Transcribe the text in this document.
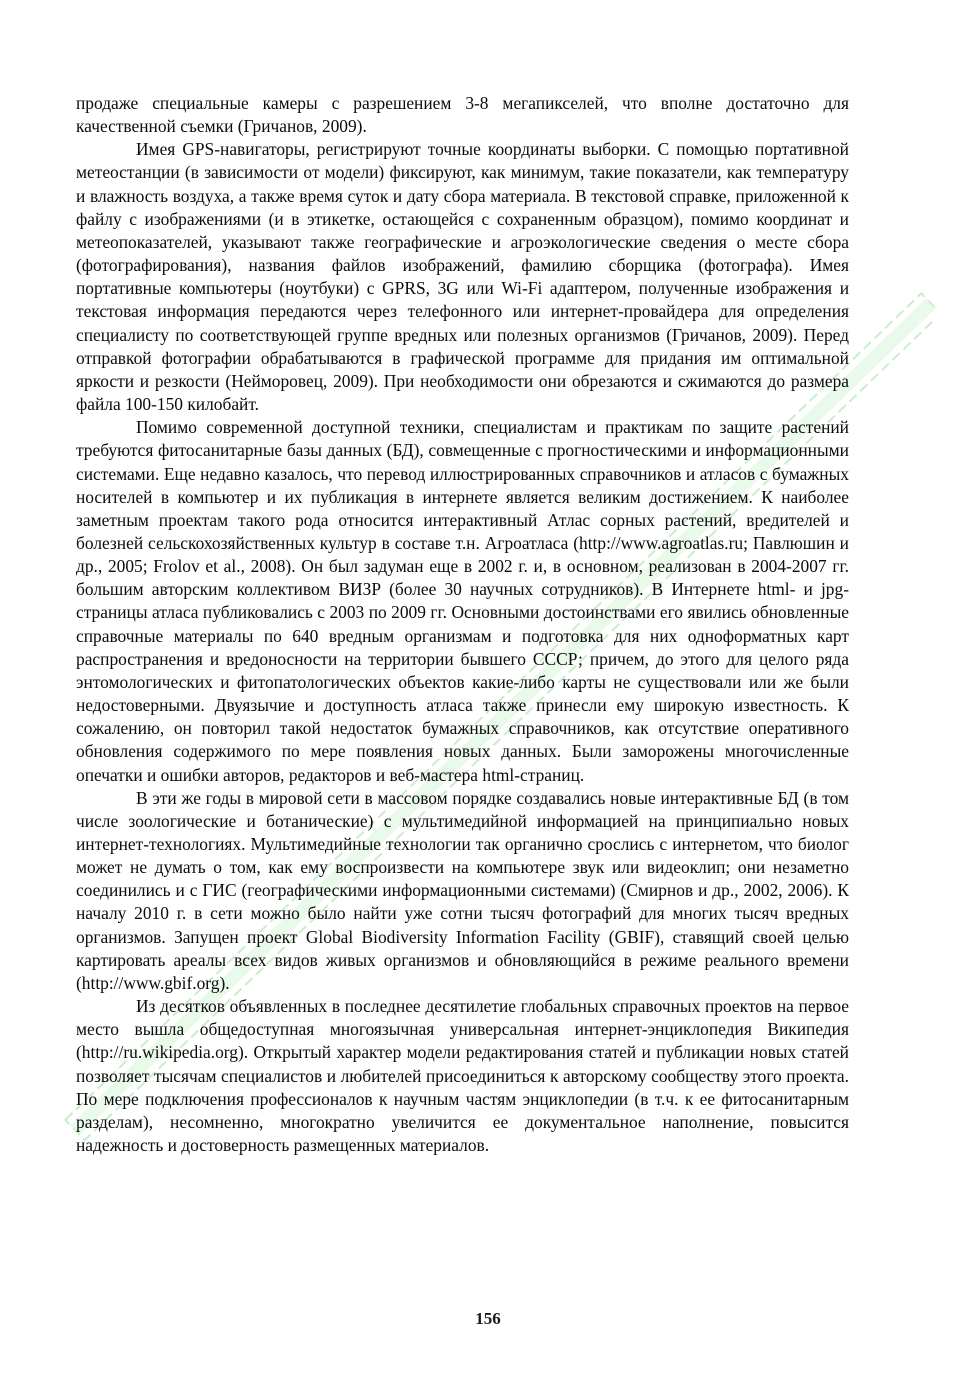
продаже специальные камеры с разрешением 3-8 мегапикселей, что вполне достаточно для качественной съемки (Гричанов, 2009).

Имея GPS-навигаторы, регистрируют точные координаты выборки. С помощью портативной метеостанции (в зависимости от модели) фиксируют, как минимум, такие показатели, как температуру и влажность воздуха, а также время суток и дату сбора материала. В текстовой справке, приложенной к файлу с изображениями (и в этикетке, остающейся с сохраненным образцом), помимо координат и метеопоказателей, указывают также географические и агроэкологические сведения о месте сбора (фотографирования), названия файлов изображений, фамилию сборщика (фотографа). Имея портативные компьютеры (ноутбуки) с GPRS, 3G или Wi-Fi адаптером, полученные изображения и текстовая информация передаются через телефонного или интернет-провайдера для определения специалисту по соответствующей группе вредных или полезных организмов (Гричанов, 2009). Перед отправкой фотографии обрабатываются в графической программе для придания им оптимальной яркости и резкости (Нейморовец, 2009). При необходимости они обрезаются и сжимаются до размера файла 100-150 килобайт.

Помимо современной доступной техники, специалистам и практикам по защите растений требуются фитосанитарные базы данных (БД), совмещенные с прогностическими и информационными системами. Еще недавно казалось, что перевод иллюстрированных справочников и атласов с бумажных носителей в компьютер и их публикация в интернете является великим достижением. К наиболее заметным проектам такого рода относится интерактивный Атлас сорных растений, вредителей и болезней сельскохозяйственных культур в составе т.н. Агроатласа (http://www.agroatlas.ru; Павлюшин и др., 2005; Frolov et al., 2008). Он был задуман еще в 2002 г. и, в основном, реализован в 2004-2007 гг. большим авторским коллективом ВИЗР (более 30 научных сотрудников). В Интернете html- и jpg-страницы атласа публиковались с 2003 по 2009 гг. Основными достоинствами его явились обновленные справочные материалы по 640 вредным организмам и подготовка для них одноформатных карт распространения и вредоносности на территории бывшего СССР; причем, до этого для целого ряда энтомологических и фитопатологических объектов какие-либо карты не существовали или же были недостоверными. Двуязычие и доступность атласа также принесли ему широкую известность. К сожалению, он повторил такой недостаток бумажных справочников, как отсутствие оперативного обновления содержимого по мере появления новых данных. Были заморожены многочисленные опечатки и ошибки авторов, редакторов и веб-мастера html-страниц.

В эти же годы в мировой сети в массовом порядке создавались новые интерактивные БД (в том числе зоологические и ботанические) с мультимедийной информацией на принципиально новых интернет-технологиях. Мультимедийные технологии так органично срослись с интернетом, что биолог может не думать о том, как ему воспроизвести на компьютере звук или видеоклип; они незаметно соединились и с ГИС (географическими информационными системами) (Смирнов и др., 2002, 2006). К началу 2010 г. в сети можно было найти уже сотни тысяч фотографий для многих тысяч вредных организмов. Запущен проект Global Biodiversity Information Facility (GBIF), ставящий своей целью картировать ареалы всех видов живых организмов и обновляющийся в режиме реального времени (http://www.gbif.org).

Из десятков объявленных в последнее десятилетие глобальных справочных проектов на первое место вышла общедоступная многоязычная универсальная интернет-энциклопедия Википедия (http://ru.wikipedia.org). Открытый характер модели редактирования статей и публикации новых статей позволяет тысячам специалистов и любителей присоединиться к авторскому сообществу этого проекта. По мере подключения профессионалов к научным частям энциклопедии (в т.ч. к ее фитосанитарным разделам), несомненно, многократно увеличится ее документальное наполнение, повысится надежность и достоверность размещенных материалов.

156
